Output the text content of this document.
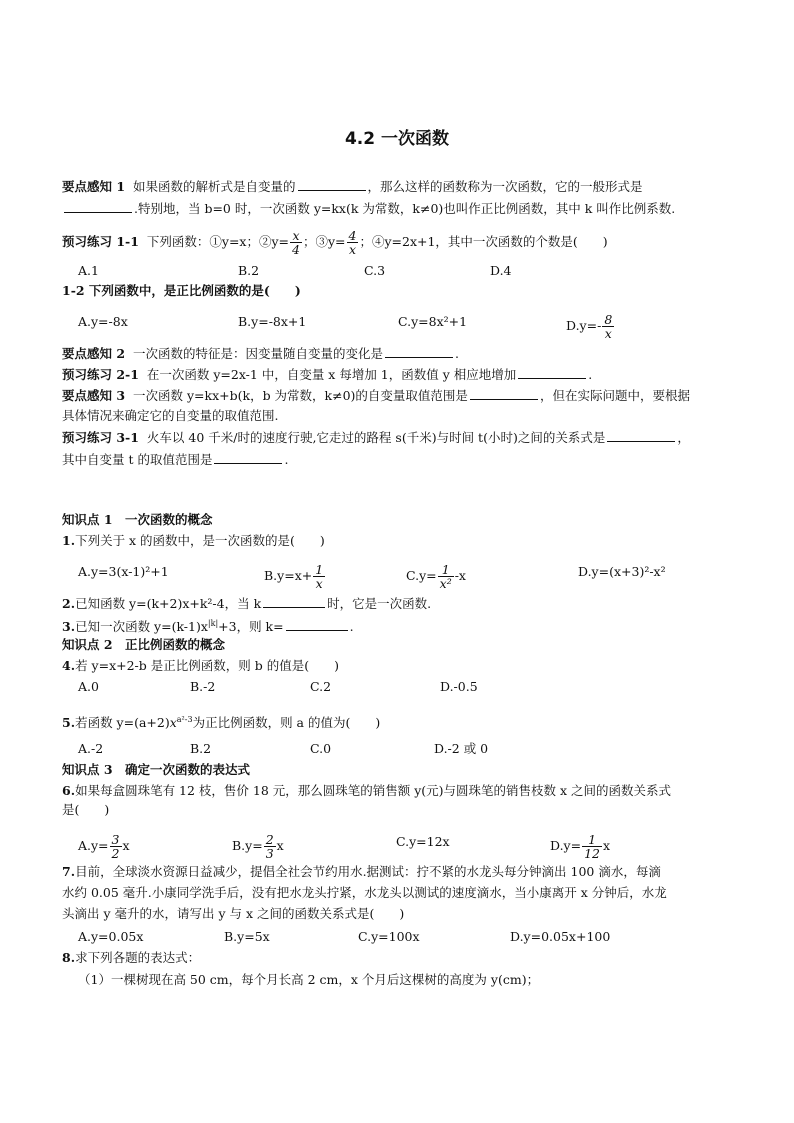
4.2 一次函数
要点感知 1 如果函数的解析式是自变量的	，那么这样的函数称为一次函数，它的一般形式是
.特别地，当 b=0 时，一次函数 y=kx(k 为常数，k≠0)也叫作正比例函数，其中 k 叫作比例系数.
预习练习 1-1 下列函数：①y=x；②y= $\frac{x}{4}$ ；③y= $\frac{4}{x}$ ；④y=2x+1，其中一次函数的个数是(　　)
A.1	B.2	C.3	D.4
1-2 下列函数中，是正比例函数的是(　　)
A.y=-8x	B.y=-8x+1	C.y=8x²+1	$D.y=- \frac{8}{x}$
要点感知 2 一次函数的特征是：因变量随自变量的变化是	.
预习练习 2-1 在一次函数 y=2x-1 中，自变量 x 每增加 1，函数值 y 相应地增加	.
要点感知 3 一次函数 y=kx+b(k，b 为常数，k≠0)的自变量取值范围是	，但在实际问题中，要根据
具体情况来确定它的自变量的取值范围.
预习练习 3-1 火车以 40 千米/时的速度行驶,它走过的路程 s(千米)与时间 t(小时)之间的关系式是	，
其中自变量 t 的取值范围是	.
知识点 1　一次函数的概念
1.下列关于 x 的函数中，是一次函数的是(　　)
A.y=3(x-1)²+1	$B.y=x+ \frac{1}{x}$	$C.y= \frac{1}{\text{x²}} -x$	D.y=(x+3)²-x²
2.已知函数 y=(k+2)x+k²-4，当 k	时，它是一次函数.
3.已知一次函数 $y=(k-1)x^{|k|}+3$，则 k=	.
知识点 2　正比例函数的概念
4.若 y=x+2-b 是正比例函数，则 b 的值是(　　)
A.0	B.-2	C.2	D.-0.5
5.若函数 $y=(a+2)x^{a^2-3}$为正比例函数，则 a 的值为(　　)
A.-2	B.2	C.0	D.-2 或 0
知识点 3　确定一次函数的表达式
6.如果每盒圆珠笔有 12 枝，售价 18 元，那么圆珠笔的销售额 y(元)与圆珠笔的销售枝数 x 之间的函数关系式
是(　　)
$A.y= \frac{3}{2}$ x	$B.y= \frac{2}{3}$ x	C.y=12x	$D.y= \frac{1}{12}$ x
7.目前，全球淡水资源日益减少，提倡全社会节约用水.据测试：拧不紧的水龙头每分钟滴出 100 滴水，每滴
水约 0.05 毫升.小康同学洗手后，没有把水龙头拧紧，水龙头以测试的速度滴水，当小康离开 x 分钟后，水龙
头滴出 y 毫升的水，请写出 y 与 x 之间的函数关系式是(　　)
A.y=0.05x	B.y=5x	C.y=100x	D.y=0.05x+100
8.求下列各题的表达式：
（1）一棵树现在高 50 cm，每个月长高 2 cm，x 个月后这棵树的高度为 y(cm)；
